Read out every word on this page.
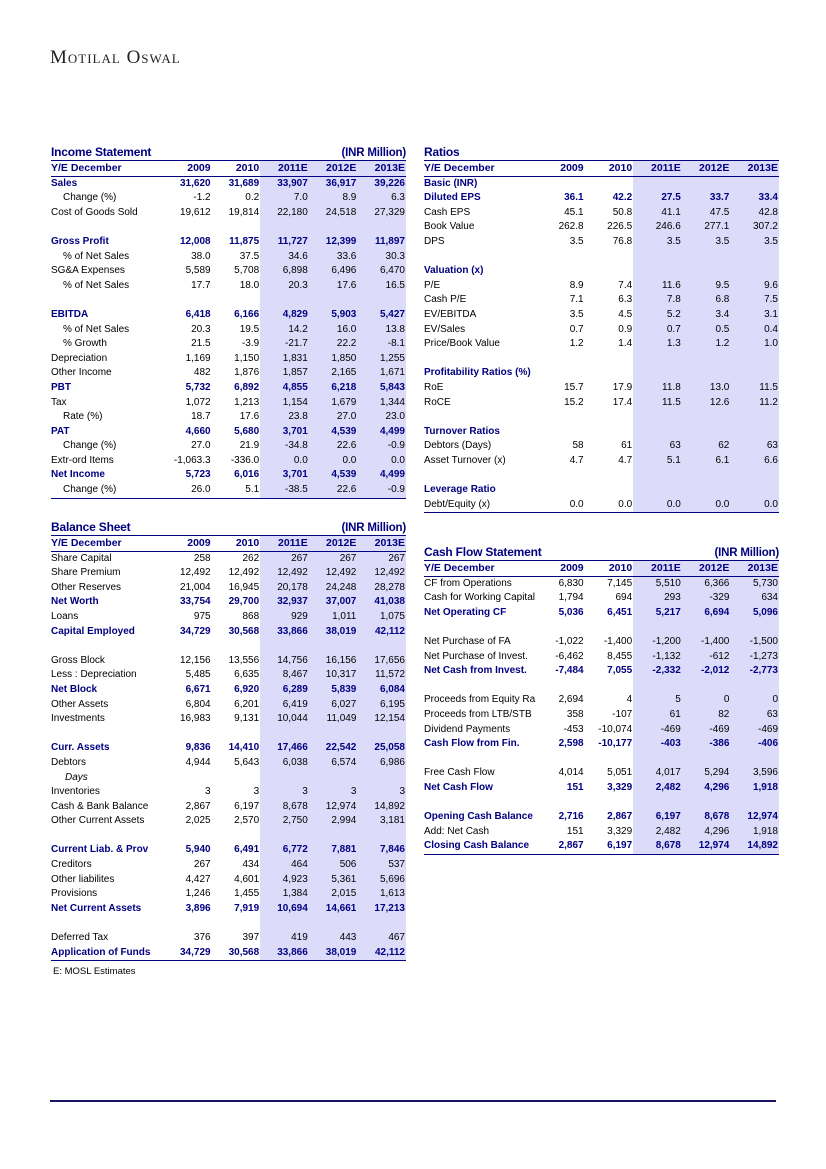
Motilal Oswal
Income Statement	(INR Million)
Y/E December	2009	2010	2011E	2012E	2013E
Sales	31,620	31,689	33,907	36,917	39,226
Change (%)	-1.2	0.2	7.0	8.9	6.3
Cost of Goods Sold	19,612	19,814	22,180	24,518	27,329

Gross Profit	12,008	11,875	11,727	12,399	11,897
% of Net Sales	38.0	37.5	34.6	33.6	30.3
SG&A Expenses	5,589	5,708	6,898	6,496	6,470
% of Net Sales	17.7	18.0	20.3	17.6	16.5

EBITDA	6,418	6,166	4,829	5,903	5,427
% of Net Sales	20.3	19.5	14.2	16.0	13.8
% Growth	21.5	-3.9	-21.7	22.2	-8.1
Depreciation	1,169	1,150	1,831	1,850	1,255
Other Income	482	1,876	1,857	2,165	1,671
PBT	5,732	6,892	4,855	6,218	5,843
Tax	1,072	1,213	1,154	1,679	1,344
Rate (%)	18.7	17.6	23.8	27.0	23.0
PAT	4,660	5,680	3,701	4,539	4,499
Change (%)	27.0	21.9	-34.8	22.6	-0.9
Extr-ord Items	-1,063.3	-336.0	0.0	0.0	0.0
Net Income	5,723	6,016	3,701	4,539	4,499
Change (%)	26.0	5.1	-38.5	22.6	-0.9
Balance Sheet	(INR Million)
Y/E December	2009	2010	2011E	2012E	2013E
Share Capital	258	262	267	267	267
Share Premium	12,492	12,492	12,492	12,492	12,492
Other Reserves	21,004	16,945	20,178	24,248	28,278
Net Worth	33,754	29,700	32,937	37,007	41,038
Loans	975	868	929	1,011	1,075
Capital Employed	34,729	30,568	33,866	38,019	42,112

Gross Block	12,156	13,556	14,756	16,156	17,656
Less : Depreciation	5,485	6,635	8,467	10,317	11,572
Net Block	6,671	6,920	6,289	5,839	6,084
Other Assets	6,804	6,201	6,419	6,027	6,195
Investments	16,983	9,131	10,044	11,049	12,154

Curr. Assets	9,836	14,410	17,466	22,542	25,058
Debtors	4,944	5,643	6,038	6,574	6,986
Days					
Inventories	3	3	3	3	3
Cash & Bank Balance	2,867	6,197	8,678	12,974	14,892
Other Current Assets	2,025	2,570	2,750	2,994	3,181

Current Liab. & Prov	5,940	6,491	6,772	7,881	7,846
Creditors	267	434	464	506	537
Other liabilites	4,427	4,601	4,923	5,361	5,696
Provisions	1,246	1,455	1,384	2,015	1,613
Net Current Assets	3,896	7,919	10,694	14,661	17,213

Deferred Tax	376	397	419	443	467
Application of Funds	34,729	30,568	33,866	38,019	42,112
E: MOSL Estimates
Ratios
Y/E December	2009	2010	2011E	2012E	2013E
Basic (INR)					
Diluted EPS	36.1	42.2	27.5	33.7	33.4
Cash EPS	45.1	50.8	41.1	47.5	42.8
Book Value	262.8	226.5	246.6	277.1	307.2
DPS	3.5	76.8	3.5	3.5	3.5

Valuation (x)					
P/E	8.9	7.4	11.6	9.5	9.6
Cash P/E	7.1	6.3	7.8	6.8	7.5
EV/EBITDA	3.5	4.5	5.2	3.4	3.1
EV/Sales	0.7	0.9	0.7	0.5	0.4
Price/Book Value	1.2	1.4	1.3	1.2	1.0

Profitability Ratios (%)					
RoE	15.7	17.9	11.8	13.0	11.5
RoCE	15.2	17.4	11.5	12.6	11.2

Turnover Ratios					
Debtors (Days)	58	61	63	62	63
Asset Turnover (x)	4.7	4.7	5.1	6.1	6.6

Leverage Ratio					
Debt/Equity (x)	0.0	0.0	0.0	0.0	0.0
Cash Flow Statement	(INR Million)
Y/E December	2009	2010	2011E	2012E	2013E
CF from Operations	6,830	7,145	5,510	6,366	5,730
Cash for Working Capital	1,794	694	293	-329	634
Net Operating CF	5,036	6,451	5,217	6,694	5,096

Net Purchase of FA	-1,022	-1,400	-1,200	-1,400	-1,500
Net Purchase of Invest.	-6,462	8,455	-1,132	-612	-1,273
Net Cash from Invest.	-7,484	7,055	-2,332	-2,012	-2,773

Proceeds from Equity Ra	2,694	4	5	0	0
Proceeds from LTB/STB	358	-107	61	82	63
Dividend Payments	-453	-10,074	-469	-469	-469
Cash Flow from Fin.	2,598	-10,177	-403	-386	-406

Free Cash Flow	4,014	5,051	4,017	5,294	3,596
Net Cash Flow	151	3,329	2,482	4,296	1,918

Opening Cash Balance	2,716	2,867	6,197	8,678	12,974
Add: Net Cash	151	3,329	2,482	4,296	1,918
Closing Cash Balance	2,867	6,197	8,678	12,974	14,892
